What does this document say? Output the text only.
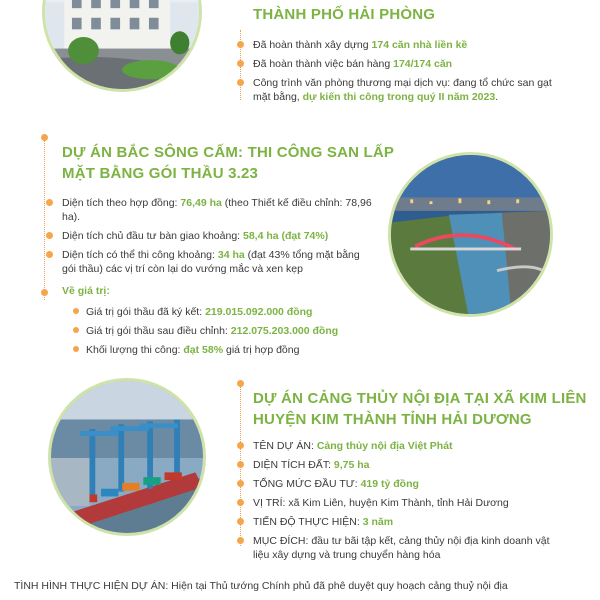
THÀNH PHỐ HẢI PHÒNG
Đã hoàn thành xây dựng 174 căn nhà liền kề
Đã hoàn thành việc bán hàng 174/174 căn
Công trình văn phòng thương mại dịch vụ: đang tổ chức san gạt mặt bằng, dự kiến thi công trong quý II năm 2023.
DỰ ÁN BẮC SÔNG CẤM: THI CÔNG SAN LẤP
MẶT BẰNG GÓI THẦU 3.23
Diện tích theo hợp đồng: 76,49 ha (theo Thiết kế điều chỉnh: 78,96 ha).
Diện tích chủ đầu tư bàn giao khoảng: 58,4 ha (đạt 74%)
Diện tích có thể thi công khoảng: 34 ha (đạt 43% tổng mặt bằng gói thầu) các vị trí còn lại do vướng mắc và xen kẹp
Về giá trị:
Giá trị gói thầu đã ký kết: 219.015.092.000 đồng
Giá trị gói thầu sau điều chỉnh: 212.075.203.000 đồng
Khối lượng thi công: đạt 58% giá trị hợp đồng
DỰ ÁN CẢNG THỦY NỘI ĐỊA TẠI XÃ KIM LIÊN
HUYỆN KIM THÀNH TỈNH HẢI DƯƠNG
TÊN DỰ ÁN: Cảng thủy nội địa Việt Phát
DIỆN TÍCH ĐẤT: 9,75 ha
TỔNG MỨC ĐẦU TƯ: 419 tỷ đồng
VỊ TRÍ: xã Kim Liên, huyện Kim Thành, tỉnh Hải Dương
TIẾN ĐỘ THỰC HIỆN: 3 năm
MỤC ĐÍCH: đầu tư bãi tập kết, cảng thủy nội địa kinh doanh vật liệu xây dựng và trung chuyển hàng hóa
TÌNH HÌNH THỰC HIỆN DỰ ÁN: Hiện tại Thủ tướng Chính phủ đã phê duyệt quy hoạch cảng thuỷ nội địa
